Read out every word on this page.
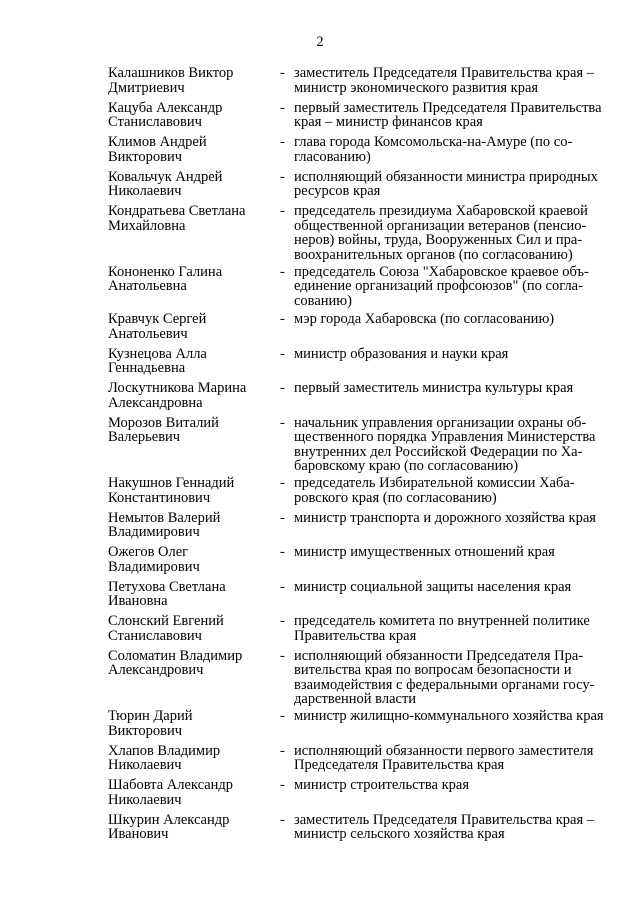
2
Калашников Виктор
Дмитриевич
- заместитель Председателя Правительства края –
министр экономического развития края
Кацуба Александр
Станиславович
- первый заместитель Председателя Правительства
края – министр финансов края
Климов Андрей
Викторович
- глава города Комсомольска-на-Амуре (по со-
гласованию)
Ковальчук Андрей
Николаевич
- исполняющий обязанности министра природных
ресурсов края
Кондратьева Светлана
Михайловна
- председатель президиума Хабаровской краевой
общественной организации ветеранов (пенсио-
неров) войны, труда, Вооруженных Сил и пра-
воохранительных органов (по согласованию)
Кононенко Галина
Анатольевна
- председатель Союза "Хабаровское краевое объ-
единение организаций профсоюзов" (по согла-
сованию)
Кравчук Сергей
Анатольевич
- мэр города Хабаровска (по согласованию)
Кузнецова Алла
Геннадьевна
- министр образования и науки края
Лоскутникова Марина
Александровна
- первый заместитель министра культуры края
Морозов Виталий
Валерьевич
- начальник управления организации охраны об-
щественного порядка Управления Министерства
внутренних дел Российской Федерации по Ха-
баровскому краю (по согласованию)
Накушнов Геннадий
Константинович
- председатель Избирательной комиссии Хаба-
ровского края (по согласованию)
Немытов Валерий
Владимирович
- министр транспорта и дорожного хозяйства края
Ожегов Олег
Владимирович
- министр имущественных отношений края
Петухова Светлана
Ивановна
- министр социальной защиты населения края
Слонский Евгений
Станиславович
- председатель комитета по внутренней политике
Правительства края
Соломатин Владимир
Александрович
- исполняющий обязанности Председателя Пра-
вительства края по вопросам безопасности и
взаимодействия с федеральными органами госу-
дарственной власти
Тюрин Дарий
Викторович
- министр жилищно-коммунального хозяйства края
Хлапов Владимир
Николаевич
- исполняющий обязанности первого заместителя
Председателя Правительства края
Шабовта Александр
Николаевич
- министр строительства края
Шкурин Александр
Иванович
- заместитель Председателя Правительства края –
министр сельского хозяйства края
